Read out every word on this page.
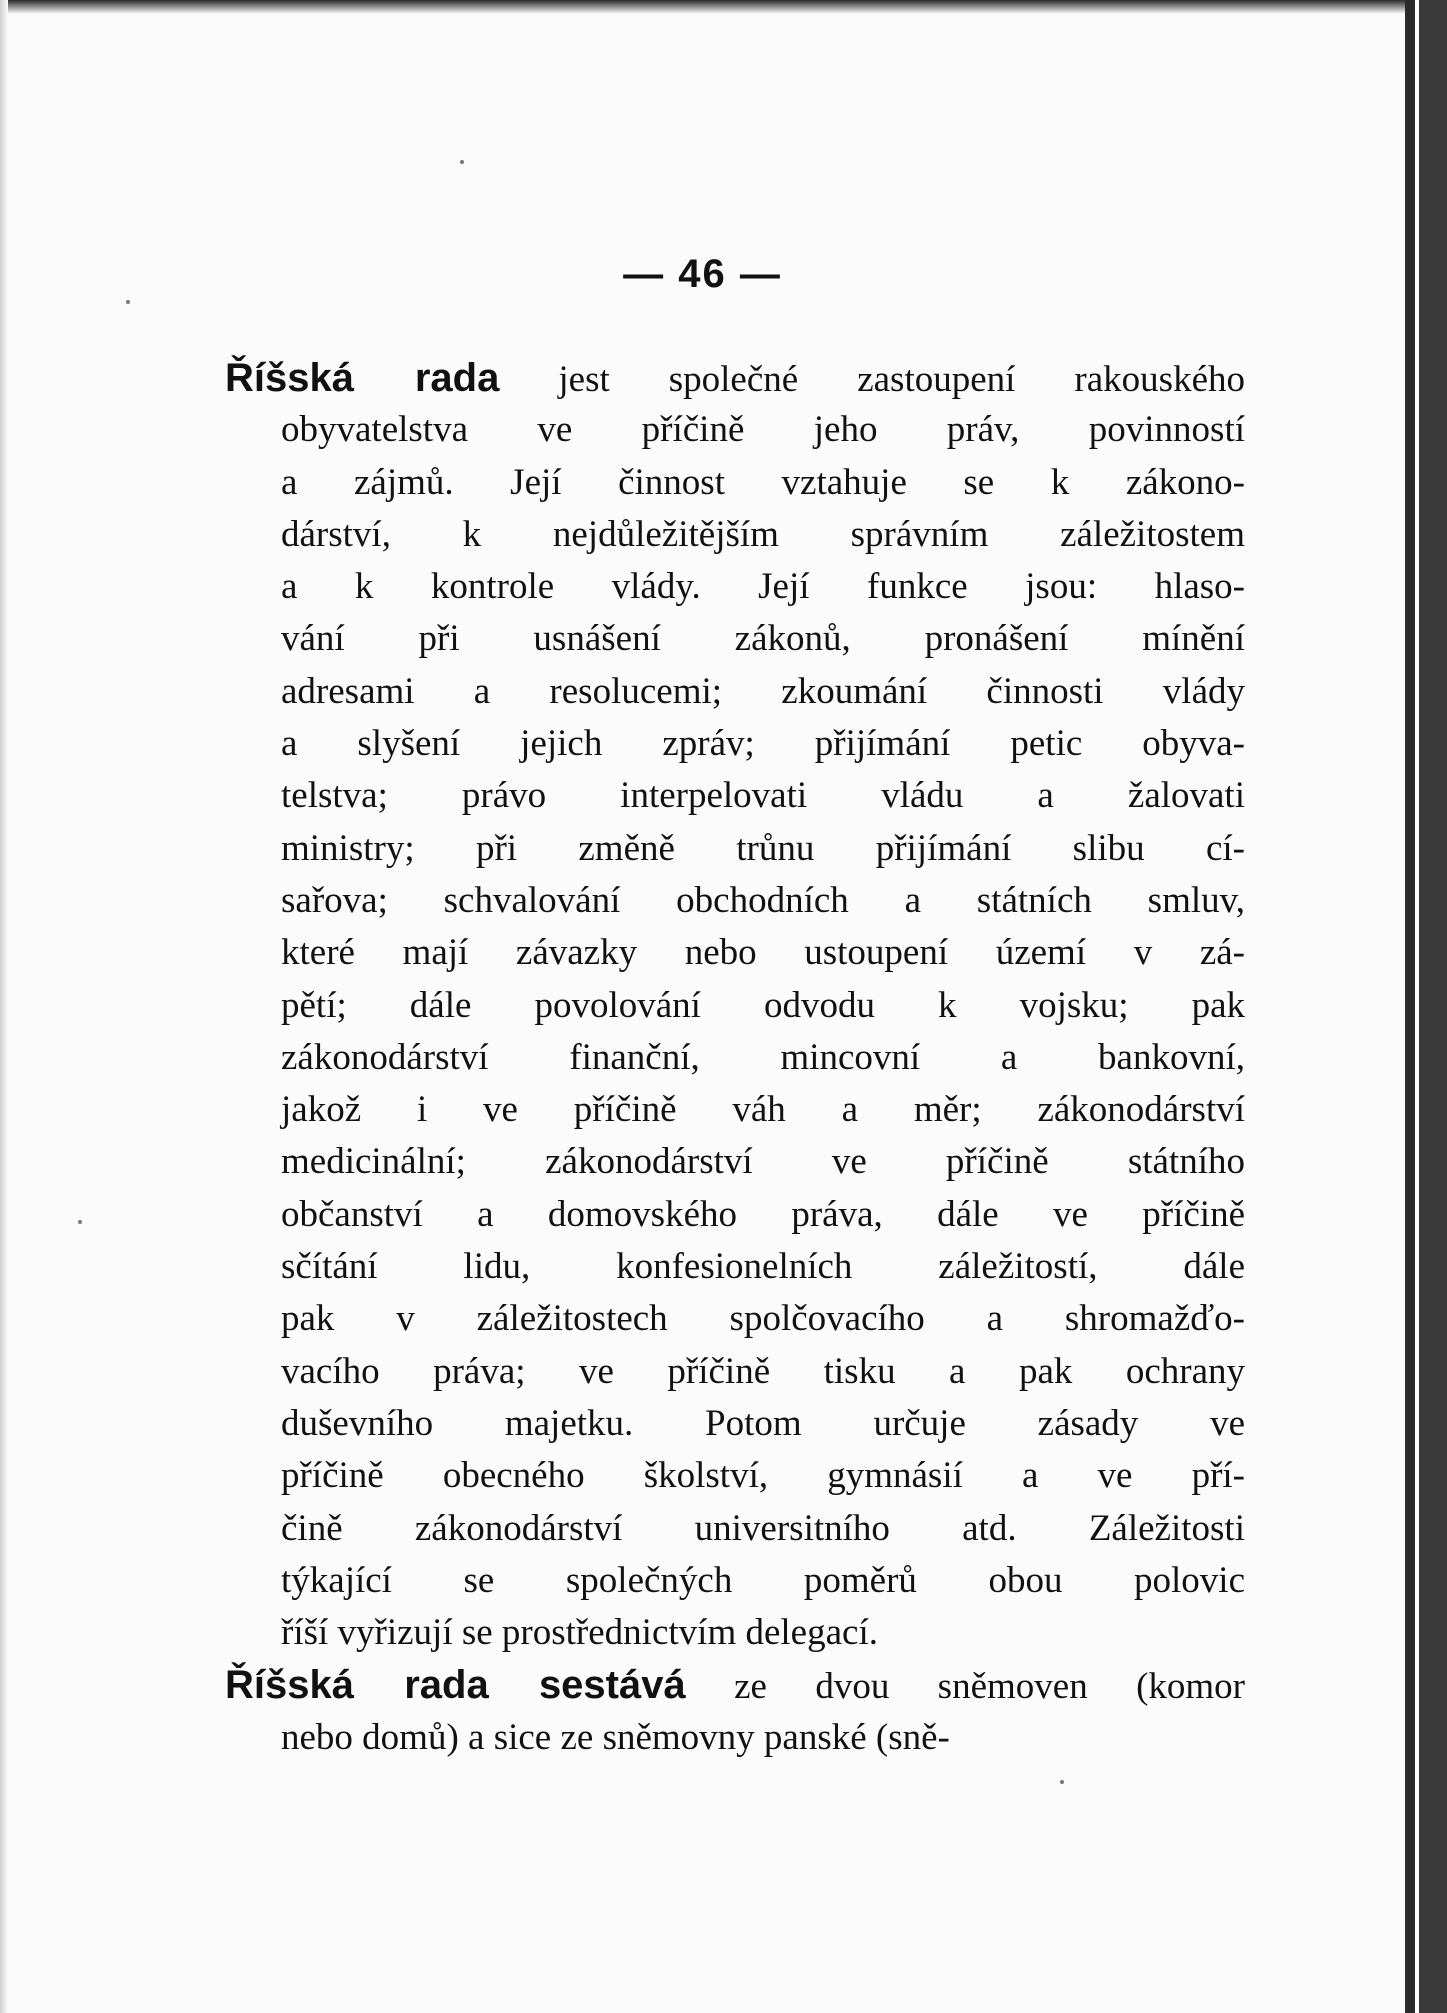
— 46 —
Říšská rada jest společné zastoupení rakouského
obyvatelstva ve příčině jeho práv, povinností
a zájmů. Její činnost vztahuje se k zákono-
dárství, k nejdůležitějším správním záležitostem
a k kontrole vlády. Její funkce jsou: hlaso-
vání při usnášení zákonů, pronášení mínění
adresami a resolucemi; zkoumání činnosti vlády
a slyšení jejich zpráv; přijímání petic obyva-
telstva; právo interpelovati vládu a žalovati
ministry; při změně trůnu přijímání slibu cí-
sařova; schvalování obchodních a státních smluv,
které mají závazky nebo ustoupení území v zá-
pětí; dále povolování odvodu k vojsku; pak
zákonodárství finanční, mincovní a bankovní,
jakož i ve příčině váh a měr; zákonodárství
medicinální; zákonodárství ve příčině státního
občanství a domovského práva, dále ve příčině
sčítání lidu, konfesionelních záležitostí, dále
pak v záležitostech spolčovacího a shromažďo-
vacího práva; ve příčině tisku a pak ochrany
duševního majetku. Potom určuje zásady ve
příčině obecného školství, gymnásií a ve pří-
čině zákonodárství universitního atd. Záležitosti
týkající se společných poměrů obou polovic
říší vyřizují se prostřednictvím delegací.
Říšská rada sestává ze dvou sněmoven (komor
nebo domů) a sice ze sněmovny panské (sně-
